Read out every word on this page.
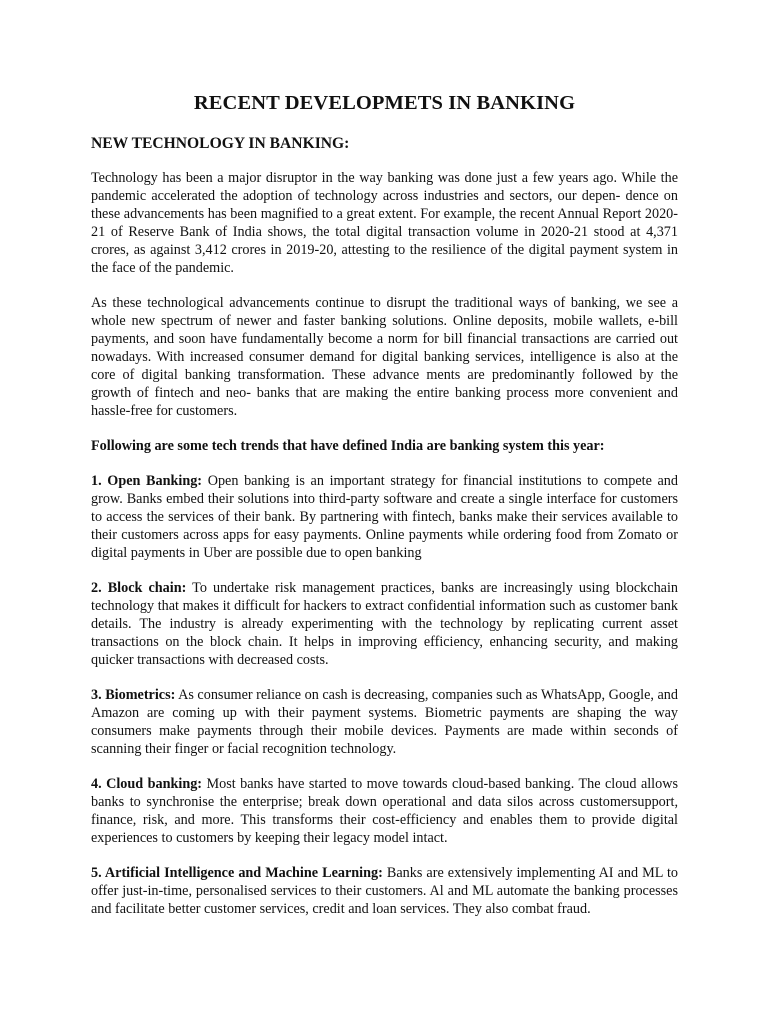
RECENT DEVELOPMETS IN BANKING
NEW TECHNOLOGY IN BANKING:

Technology has been a major disruptor in the way banking was done just a few years ago. While the pandemic accelerated the adoption of technology across industries and sectors, our depen- dence on these advancements has been magnified to a great extent. For example, the recent Annual Report 2020-21 of Reserve Bank of India shows, the total digital transaction volume in 2020-21 stood at 4,371 crores, as against 3,412 crores in 2019-20, attesting to the resilience of the digital payment system in the face of the pandemic.

As these technological advancements continue to disrupt the traditional ways of banking, we see a whole new spectrum of newer and faster banking solutions. Online deposits, mobile wallets, e-bill payments, and soon have fundamentally become a norm for bill financial transactions are carried out nowadays. With increased consumer demand for digital banking services, intelligence is also at the core of digital banking transformation. These advance ments are predominantly followed by the growth of fintech and neo- banks that are making the entire banking process more convenient and hassle-free for customers.

Following are some tech trends that have defined India are banking system this year:

1. Open Banking: Open banking is an important strategy for financial institutions to compete and grow. Banks embed their solutions into third-party software and create a single interface for customers to access the services of their bank. By partnering with fintech, banks make their services available to their customers across apps for easy payments. Online payments while ordering food from Zomato or digital payments in Uber are possible due to open banking

2. Block chain: To undertake risk management practices, banks are increasingly using blockchain technology that makes it difficult for hackers to extract confidential information such as customer bank details. The industry is already experimenting with the technology by replicating current asset transactions on the block chain. It helps in improving efficiency, enhancing security, and making quicker transactions with decreased costs.

3. Biometrics: As consumer reliance on cash is decreasing, companies such as WhatsApp, Google, and Amazon are coming up with their payment systems. Biometric payments are shaping the way consumers make payments through their mobile devices. Payments are made within seconds of scanning their finger or facial recognition technology.

4. Cloud banking: Most banks have started to move towards cloud-based banking. The cloud allows banks to synchronise the enterprise; break down operational and data silos across customersupport, finance, risk, and more. This transforms their cost-efficiency and enables them to provide digital experiences to customers by keeping their legacy model intact.

5. Artificial Intelligence and Machine Learning: Banks are extensively implementing AI and ML to offer just-in-time, personalised services to their customers. Al and ML automate the banking processes and facilitate better customer services, credit and loan services. They also combat fraud.
